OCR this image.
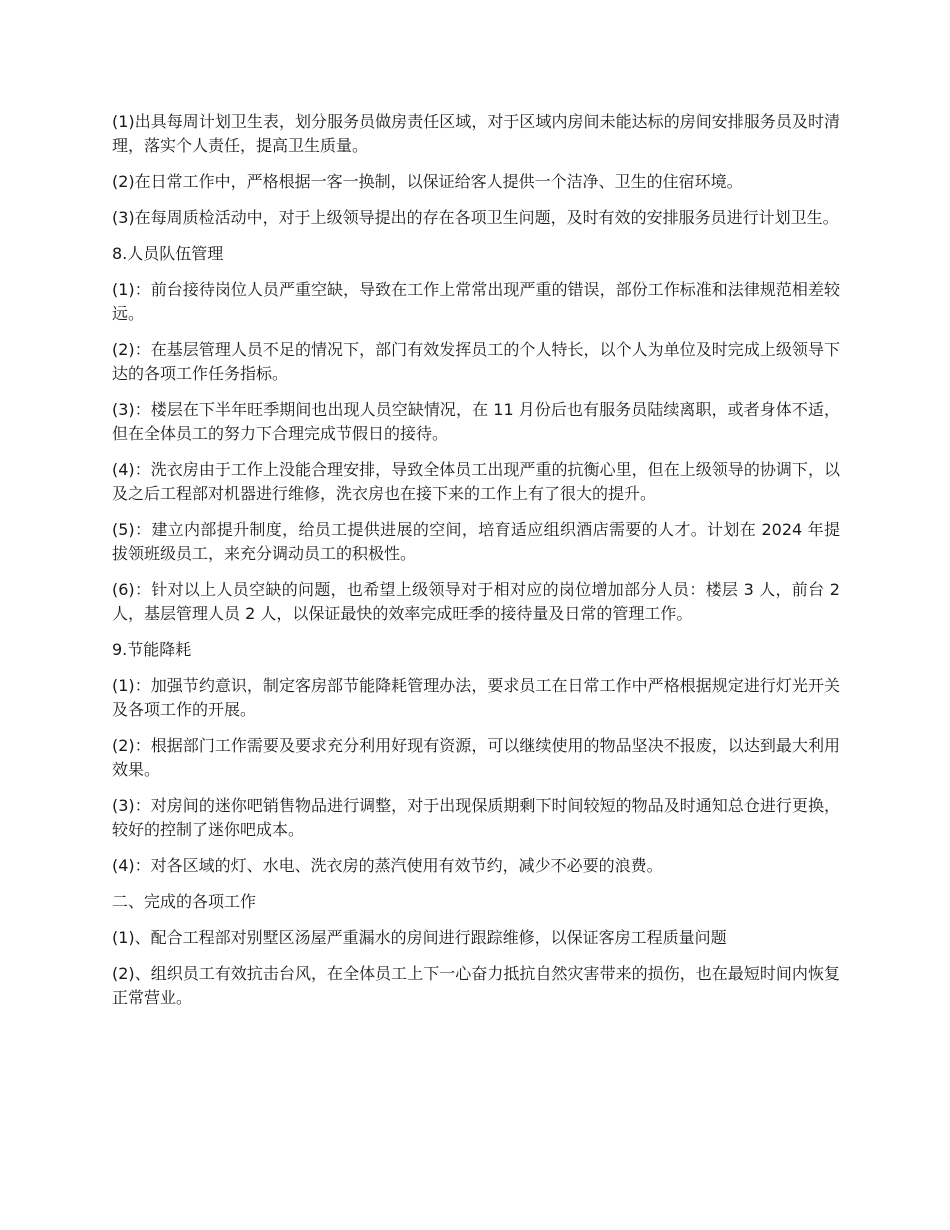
(1)出具每周计划卫生表，划分服务员做房责任区域，对于区域内房间未能达标的房间安排服务员及时清理，落实个人责任，提高卫生质量。

(2)在日常工作中，严格根据一客一换制，以保证给客人提供一个洁净、卫生的住宿环境。

(3)在每周质检活动中，对于上级领导提出的存在各项卫生问题，及时有效的安排服务员进行计划卫生。

8.人员队伍管理

(1)：前台接待岗位人员严重空缺，导致在工作上常常出现严重的错误，部份工作标准和法律规范相差较远。

(2)：在基层管理人员不足的情况下，部门有效发挥员工的个人特长，以个人为单位及时完成上级领导下达的各项工作任务指标。

(3)：楼层在下半年旺季期间也出现人员空缺情况，在 11 月份后也有服务员陆续离职，或者身体不适，但在全体员工的努力下合理完成节假日的接待。

(4)：洗衣房由于工作上没能合理安排，导致全体员工出现严重的抗衡心里，但在上级领导的协调下，以及之后工程部对机器进行维修，洗衣房也在接下来的工作上有了很大的提升。

(5)：建立内部提升制度，给员工提供进展的空间，培育适应组织酒店需要的人才。计划在 2024 年提拔领班级员工，来充分调动员工的积极性。

(6)：针对以上人员空缺的问题，也希望上级领导对于相对应的岗位增加部分人员：楼层 3 人，前台 2 人，基层管理人员 2 人，以保证最快的效率完成旺季的接待量及日常的管理工作。

9.节能降耗

(1)：加强节约意识，制定客房部节能降耗管理办法，要求员工在日常工作中严格根据规定进行灯光开关及各项工作的开展。

(2)：根据部门工作需要及要求充分利用好现有资源，可以继续使用的物品坚决不报废，以达到最大利用效果。

(3)：对房间的迷你吧销售物品进行调整，对于出现保质期剩下时间较短的物品及时通知总仓进行更换，较好的控制了迷你吧成本。

(4)：对各区域的灯、水电、洗衣房的蒸汽使用有效节约，减少不必要的浪费。

二、完成的各项工作

(1)、配合工程部对别墅区汤屋严重漏水的房间进行跟踪维修，以保证客房工程质量问题

(2)、组织员工有效抗击台风，在全体员工上下一心奋力抵抗自然灾害带来的损伤，也在最短时间内恢复正常营业。
